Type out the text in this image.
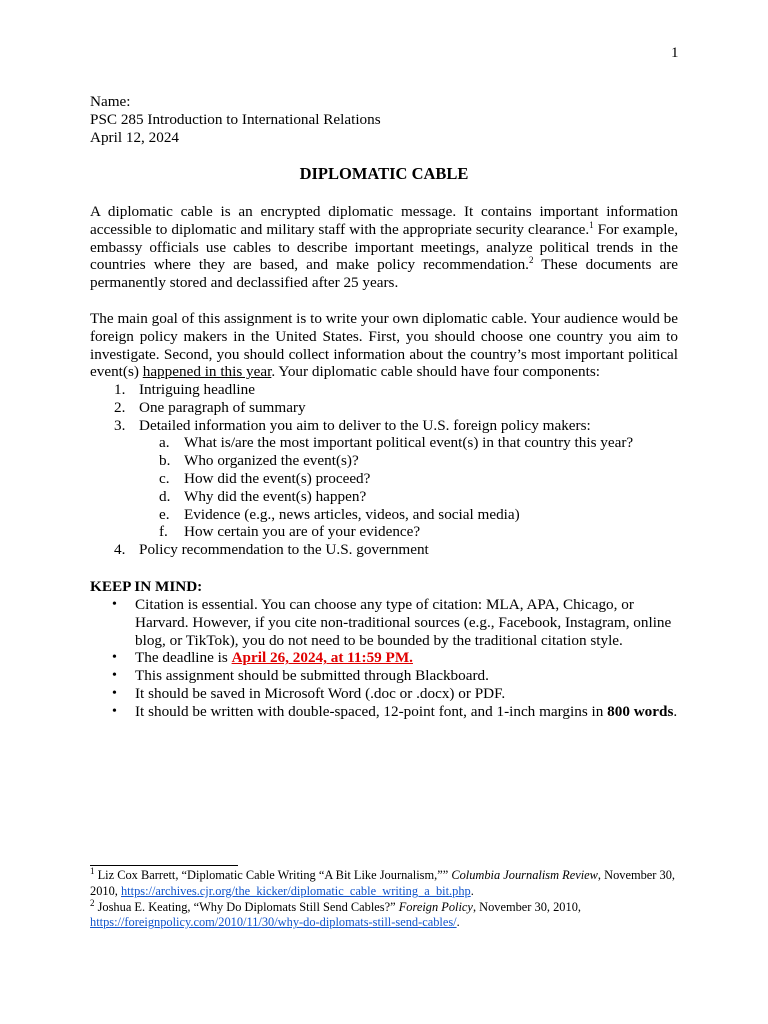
1
Name:
PSC 285 Introduction to International Relations
April 12, 2024
DIPLOMATIC CABLE
A diplomatic cable is an encrypted diplomatic message. It contains important information accessible to diplomatic and military staff with the appropriate security clearance.$^1$ For example, embassy officials use cables to describe important meetings, analyze political trends in the countries where they are based, and make policy recommendation.$^2$ These documents are permanently stored and declassified after 25 years.
The main goal of this assignment is to write your own diplomatic cable. Your audience would be foreign policy makers in the United States. First, you should choose one country you aim to investigate. Second, you should collect information about the country’s most important political event(s) happened in this year. Your diplomatic cable should have four components:
1. Intriguing headline
2. One paragraph of summary
3. Detailed information you aim to deliver to the U.S. foreign policy makers:
a. What is/are the most important political event(s) in that country this year?
b. Who organized the event(s)?
c. How did the event(s) proceed?
d. Why did the event(s) happen?
e. Evidence (e.g., news articles, videos, and social media)
f.	How certain you are of your evidence?
4. Policy recommendation to the U.S. government
KEEP IN MIND:
•	Citation is essential. You can choose any type of citation: MLA, APA, Chicago, or Harvard. However, if you cite non-traditional sources (e.g., Facebook, Instagram, online blog, or TikTok), you do not need to be bounded by the traditional citation style.
•	The deadline is April 26, 2024, at 11:59 PM.
•	This assignment should be submitted through Blackboard.
•	It should be saved in Microsoft Word (.doc or .docx) or PDF.
•	It should be written with double-spaced, 12-point font, and 1-inch margins in 800 words.
$^1$ Liz Cox Barrett, “Diplomatic Cable Writing “A Bit Like Journalism,”” Columbia Journalism Review, November 30, 2010, https://archives.cjr.org/the_kicker/diplomatic_cable_writing_a_bit.php.
$^2$ Joshua E. Keating, “Why Do Diplomats Still Send Cables?” Foreign Policy, November 30, 2010, https://foreignpolicy.com/2010/11/30/why-do-diplomats-still-send-cables/.
